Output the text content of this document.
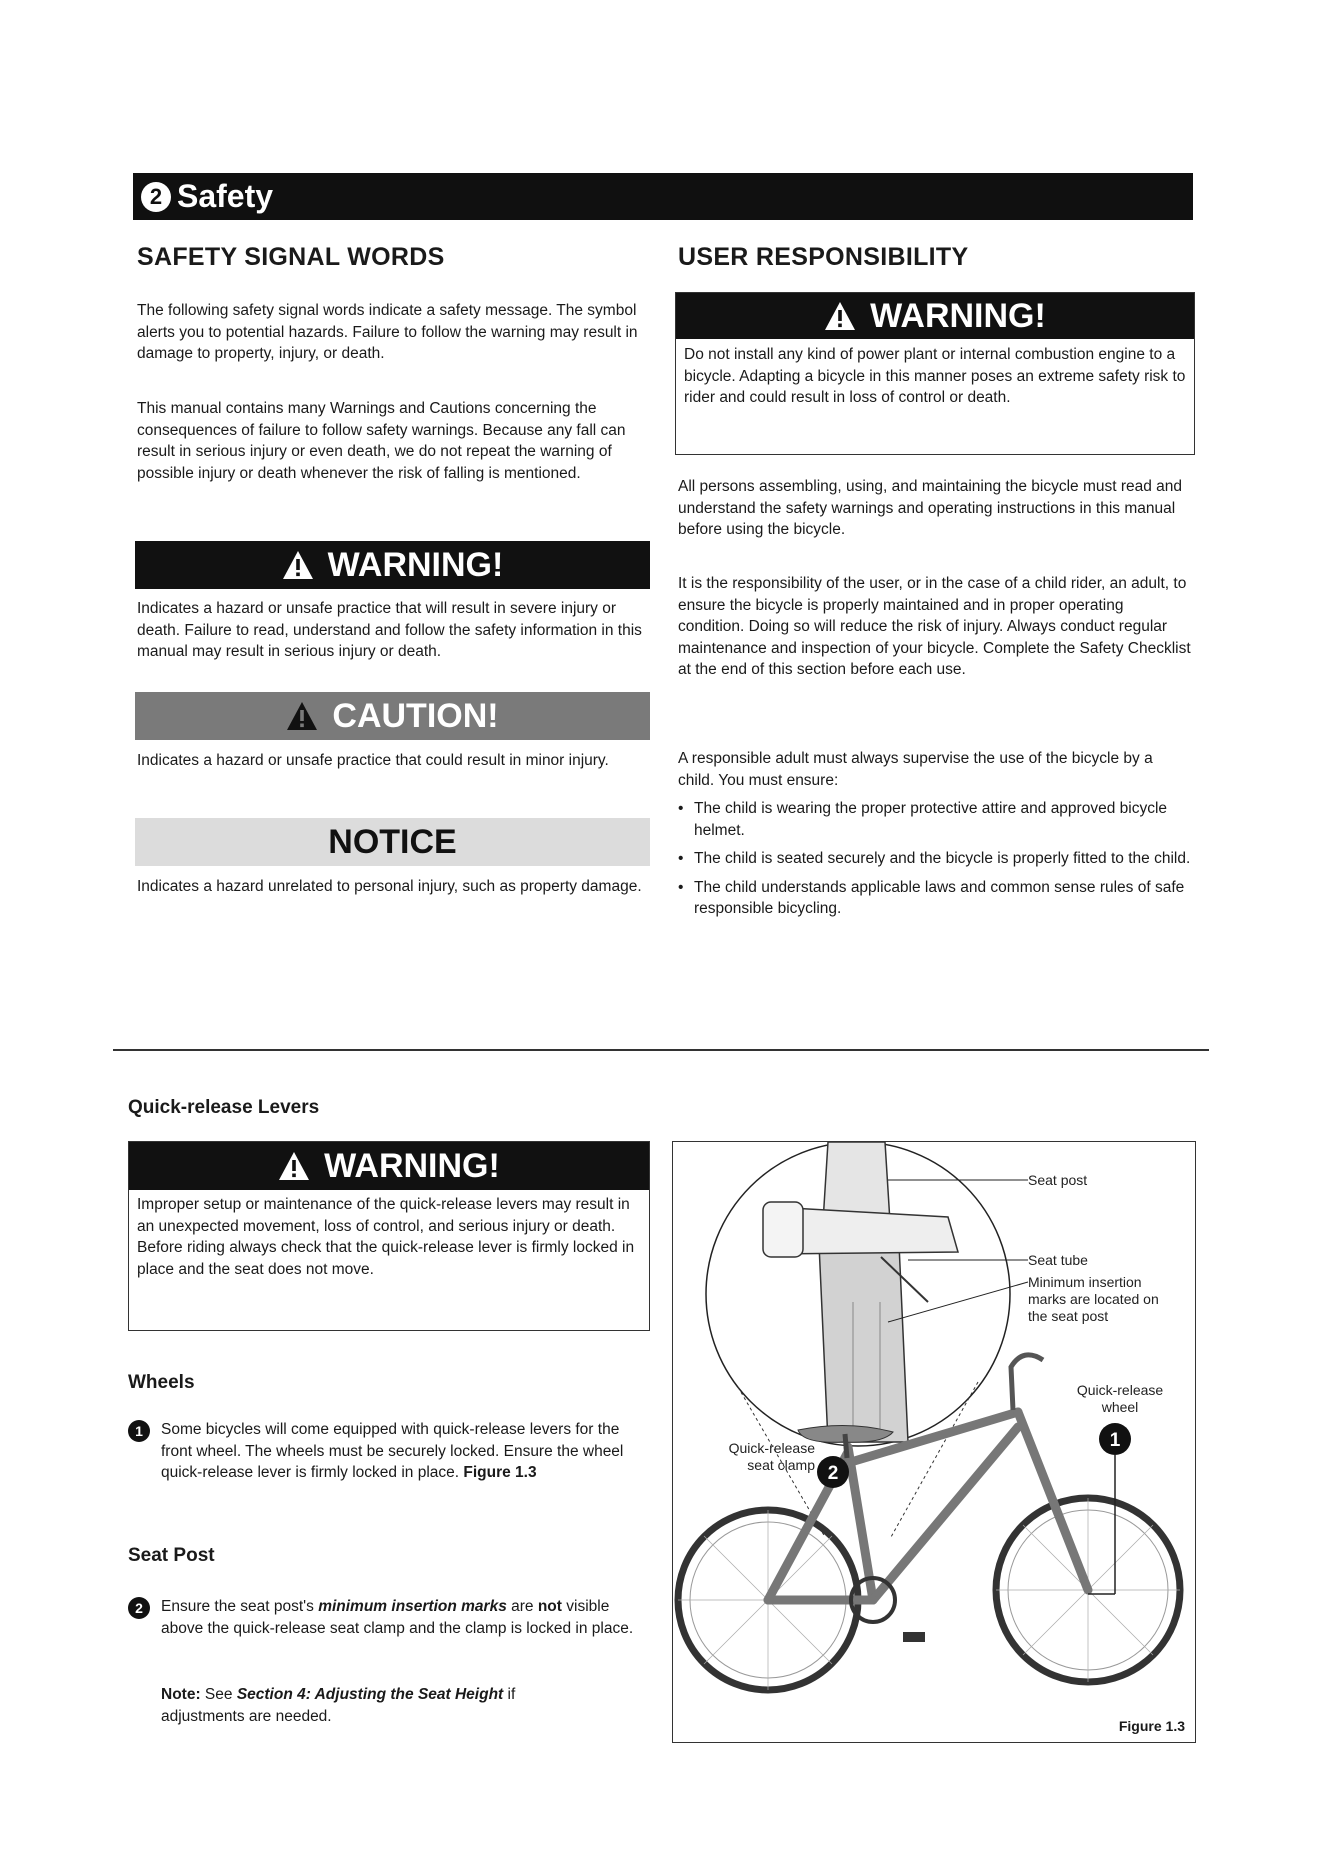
2 Safety
SAFETY SIGNAL WORDS

The following safety signal words indicate a safety message. The symbol alerts you to potential hazards. Failure to follow the warning may result in damage to property, injury, or death.

This manual contains many Warnings and Cautions concerning the consequences of failure to follow safety warnings. Because any fall can result in serious injury or even death, we do not repeat the warning of possible injury or death whenever the risk of falling is mentioned.

WARNING!

Indicates a hazard or unsafe practice that will result in severe injury or death. Failure to read, understand and follow the safety information in this manual may result in serious injury or death.

CAUTION!

Indicates a hazard or unsafe practice that could result in minor injury.

NOTICE

Indicates a hazard unrelated to personal injury, such as property damage.

USER RESPONSIBILITY
WARNING!

Do not install any kind of power plant or internal combustion engine to a bicycle. Adapting a bicycle in this manner poses an extreme safety risk to rider and could result in loss of control or death.

All persons assembling, using, and maintaining the bicycle must read and understand the safety warnings and operating instructions in this manual before using the bicycle.

It is the responsibility of the user, or in the case of a child rider, an adult, to ensure the bicycle is properly maintained and in proper operating condition. Doing so will reduce the risk of injury. Always conduct regular maintenance and inspection of your bicycle. Complete the Safety Checklist at the end of this section before each use.

A responsible adult must always supervise the use of the bicycle by a child. You must ensure:

• The child is wearing the proper protective attire and approved bicycle helmet.
• The child is seated securely and the bicycle is properly fitted to the child.
• The child understands applicable laws and common sense rules of safe responsible bicycling.
Quick-release Levers
WARNING!

Improper setup or maintenance of the quick-release levers may result in an unexpected movement, loss of control, and serious injury or death. Before riding always check that the quick-release lever is firmly locked in place and the seat does not move.

Wheels
1	Some bicycles will come equipped with quick-release levers for the front wheel. The wheels must be securely locked. Ensure the wheel quick-release lever is firmly locked in place. Figure 1.3

Seat Post
2	Ensure the seat post's minimum insertion marks are not visible above the quick-release seat clamp and the clamp is locked in place.

Note: See Section 4: Adjusting the Seat Height if adjustments are needed.

2
1
Seat post
Seat tube
Minimum insertion marks are located on the seat post
Quick-release wheel
Quick-release seat clamp
Figure 1.3
